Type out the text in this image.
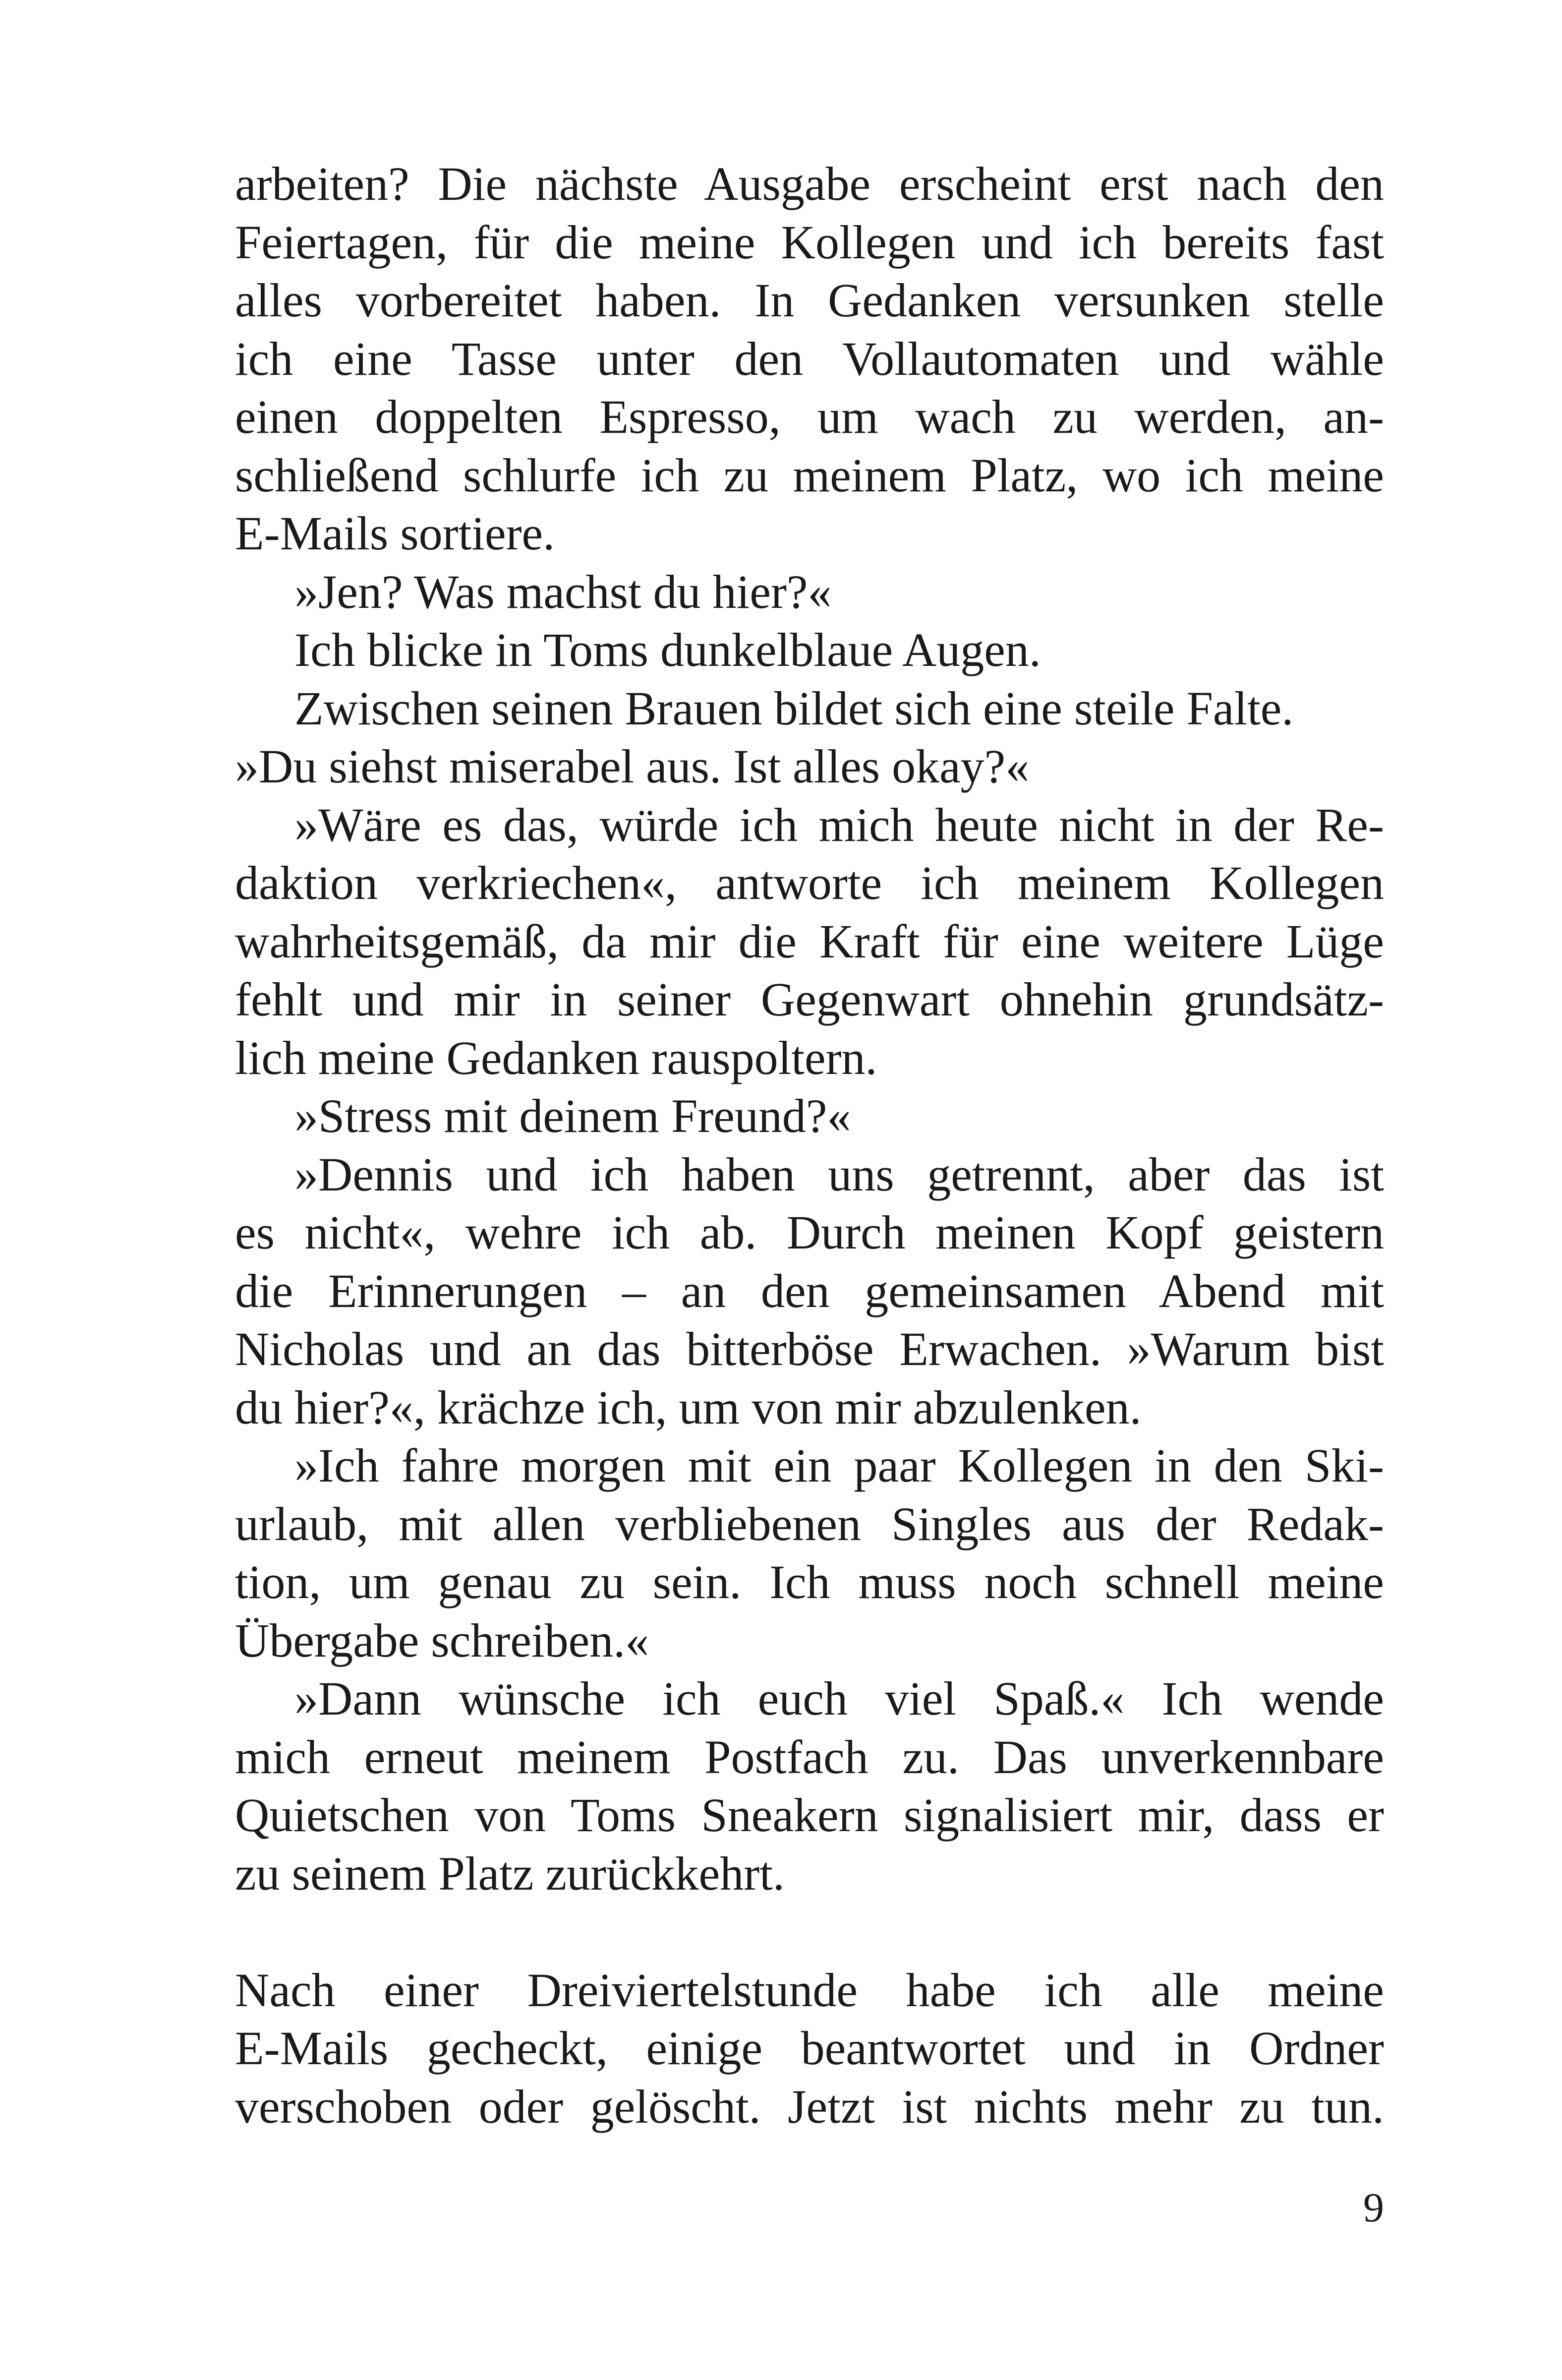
arbeiten? Die nächste Ausgabe erscheint erst nach den
Feiertagen, für die meine Kollegen und ich bereits fast
alles vorbereitet haben. In Gedanken versunken stelle
ich eine Tasse unter den Vollautomaten und wähle
einen doppelten Espresso, um wach zu werden, an-
schließend schlurfe ich zu meinem Platz, wo ich meine
E-Mails sortiere.
»Jen? Was machst du hier?«
Ich blicke in Toms dunkelblaue Augen.
Zwischen seinen Brauen bildet sich eine steile Falte.
»Du siehst miserabel aus. Ist alles okay?«
»Wäre es das, würde ich mich heute nicht in der Re-
daktion verkriechen«, antworte ich meinem Kollegen
wahrheitsgemäß, da mir die Kraft für eine weitere Lüge
fehlt und mir in seiner Gegenwart ohnehin grundsätz-
lich meine Gedanken rauspoltern.
»Stress mit deinem Freund?«
»Dennis und ich haben uns getrennt, aber das ist
es nicht«, wehre ich ab. Durch meinen Kopf geistern
die Erinnerungen – an den gemeinsamen Abend mit
Nicholas und an das bitterböse Erwachen. »Warum bist
du hier?«, krächze ich, um von mir abzulenken.
»Ich fahre morgen mit ein paar Kollegen in den Ski-
urlaub, mit allen verbliebenen Singles aus der Redak-
tion, um genau zu sein. Ich muss noch schnell meine
Übergabe schreiben.«
»Dann wünsche ich euch viel Spaß.« Ich wende
mich erneut meinem Postfach zu. Das unverkennbare
Quietschen von Toms Sneakern signalisiert mir, dass er
zu seinem Platz zurückkehrt.
Nach einer Dreiviertelstunde habe ich alle meine
E-Mails gecheckt, einige beantwortet und in Ordner
verschoben oder gelöscht. Jetzt ist nichts mehr zu tun.
9
